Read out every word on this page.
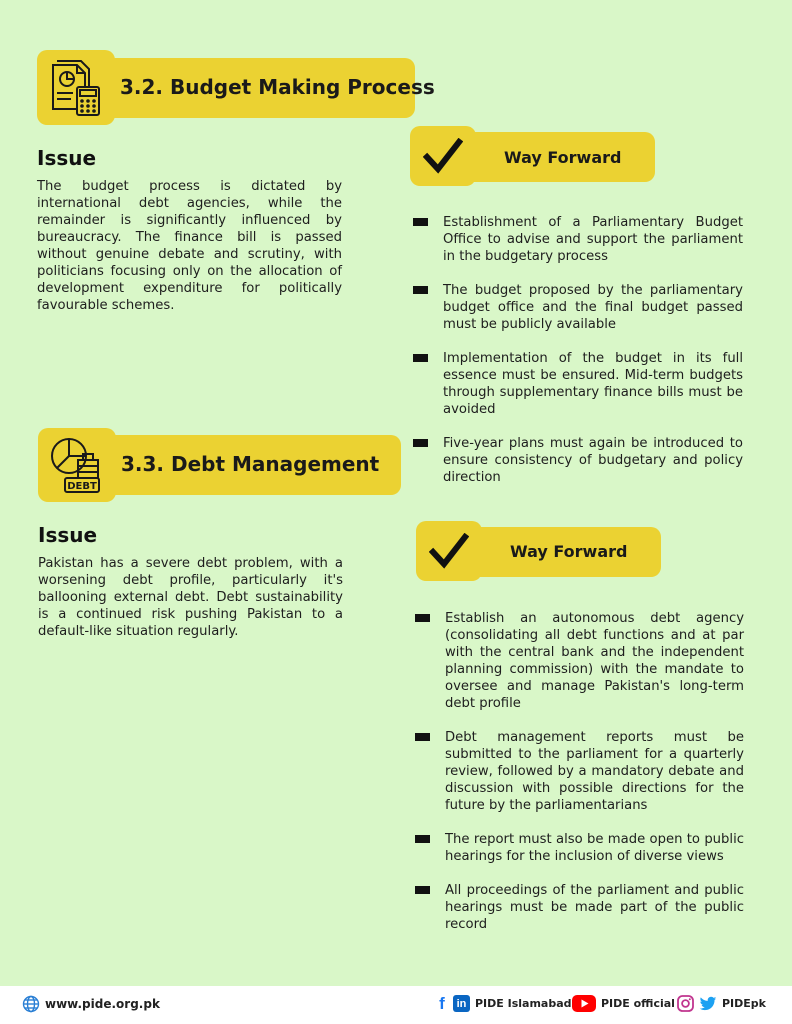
3.2. Budget Making Process
Issue
The budget process is dictated by international debt agencies, while the remainder is significantly influenced by bureaucracy. The finance bill is passed without genuine debate and scrutiny, with politicians focusing only on the allocation of development expenditure for politically favourable schemes.
Way Forward
Establishment of a Parliamentary Budget Office to advise and support the parliament in the budgetary process
The budget proposed by the parliamentary budget office and the final budget passed must be publicly available
Implementation of the budget in its full essence must be ensured. Mid-term budgets through supplementary finance bills must be avoided
Five-year plans must again be introduced to ensure consistency of budgetary and policy direction
DEBT
3.3. Debt Management
Issue
Pakistan has a severe debt problem, with a worsening debt profile, particularly it's ballooning external debt. Debt sustainability is a continued risk pushing Pakistan to a default-like situation regularly.
Way Forward
Establish an autonomous debt agency (consolidating all debt functions and at par with the central bank and the independent planning commission) with the mandate to oversee and manage Pakistan's long-term debt profile
Debt management reports must be submitted to the parliament for a quarterly review, followed by a mandatory debate and discussion with possible directions for the future by the parliamentarians
The report must also be made open to public hearings for the inclusion of diverse views
All proceedings of the parliament and public hearings must be made part of the public record
www.pide.org.pk	f	in PIDE Islamabad	PIDE official	PIDEpk
